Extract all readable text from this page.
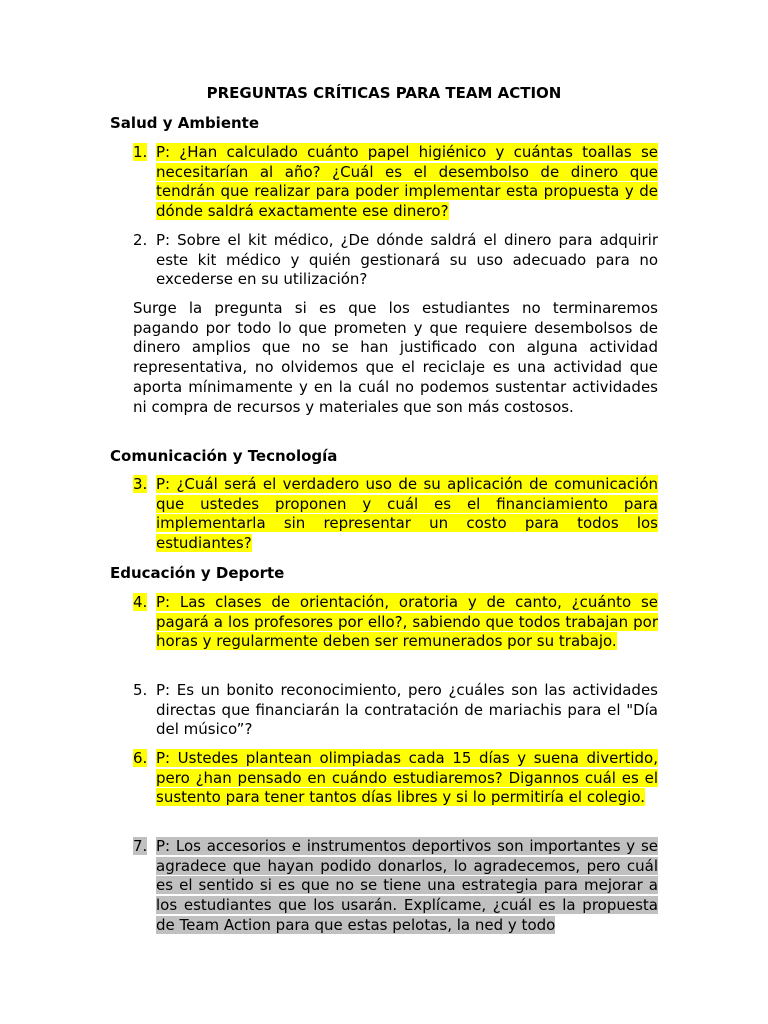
PREGUNTAS CRÍTICAS PARA TEAM ACTION
Salud y Ambiente
1. P: ¿Han calculado cuánto papel higiénico y cuántas toallas se necesitarían al año? ¿Cuál es el desembolso de dinero que tendrán que realizar para poder implementar esta propuesta y de dónde saldrá exactamente ese dinero?
2. P: Sobre el kit médico, ¿De dónde saldrá el dinero para adquirir este kit médico y quién gestionará su uso adecuado para no excederse en su utilización?
Surge la pregunta si es que los estudiantes no terminaremos pagando por todo lo que prometen y que requiere desembolsos de dinero amplios que no se han justificado con alguna actividad representativa, no olvidemos que el reciclaje es una actividad que aporta mínimamente y en la cuál no podemos sustentar actividades ni compra de recursos y materiales que son más costosos.
Comunicación y Tecnología
3. P: ¿Cuál será el verdadero uso de su aplicación de comunicación que ustedes proponen y cuál es el financiamiento para implementarla sin representar un costo para todos los estudiantes?
Educación y Deporte
4. P: Las clases de orientación, oratoria y de canto, ¿cuánto se pagará a los profesores por ello?, sabiendo que todos trabajan por horas y regularmente deben ser remunerados por su trabajo.
5. P: Es un bonito reconocimiento, pero ¿cuáles son las actividades directas que financiarán la contratación de mariachis para el "Día del músico”?
6. P: Ustedes plantean olimpiadas cada 15 días y suena divertido, pero ¿han pensado en cuándo estudiaremos? Digannos cuál es el sustento para tener tantos días libres y si lo permitiría el colegio.
7. P: Los accesorios e instrumentos deportivos son importantes y se agradece que hayan podido donarlos, lo agradecemos, pero cuál es el sentido si es que no se tiene una estrategia para mejorar a los estudiantes que los usarán. Explícame, ¿cuál es la propuesta de Team Action para que estas pelotas, la ned y todo
